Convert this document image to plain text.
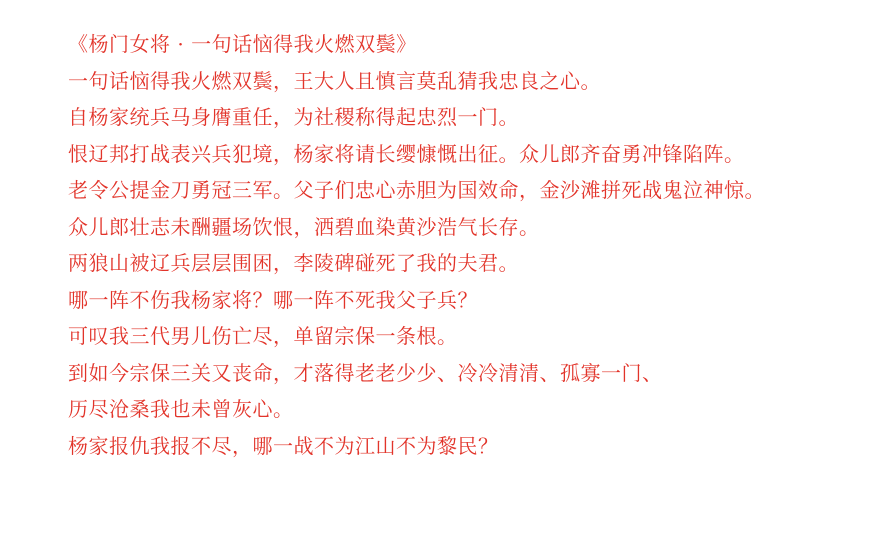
《杨门女将 · 一句话恼得我火燃双鬓》
一句话恼得我火燃双鬓，王大人且慎言莫乱猜我忠良之心。
自杨家统兵马身膺重任，为社稷称得起忠烈一门。
恨辽邦打战表兴兵犯境，杨家将请长缨慷慨出征。众儿郎齐奋勇冲锋陷阵。
老令公提金刀勇冠三军。父子们忠心赤胆为国效命，金沙滩拼死战鬼泣神惊。
众儿郎壮志未酬疆场饮恨，洒碧血染黄沙浩气长存。
两狼山被辽兵层层围困，李陵碑碰死了我的夫君。
哪一阵不伤我杨家将？哪一阵不死我父子兵？
可叹我三代男儿伤亡尽，单留宗保一条根。
到如今宗保三关又丧命，才落得老老少少、冷冷清清、孤寡一门、
历尽沧桑我也未曾灰心。
杨家报仇我报不尽，哪一战不为江山不为黎民？
